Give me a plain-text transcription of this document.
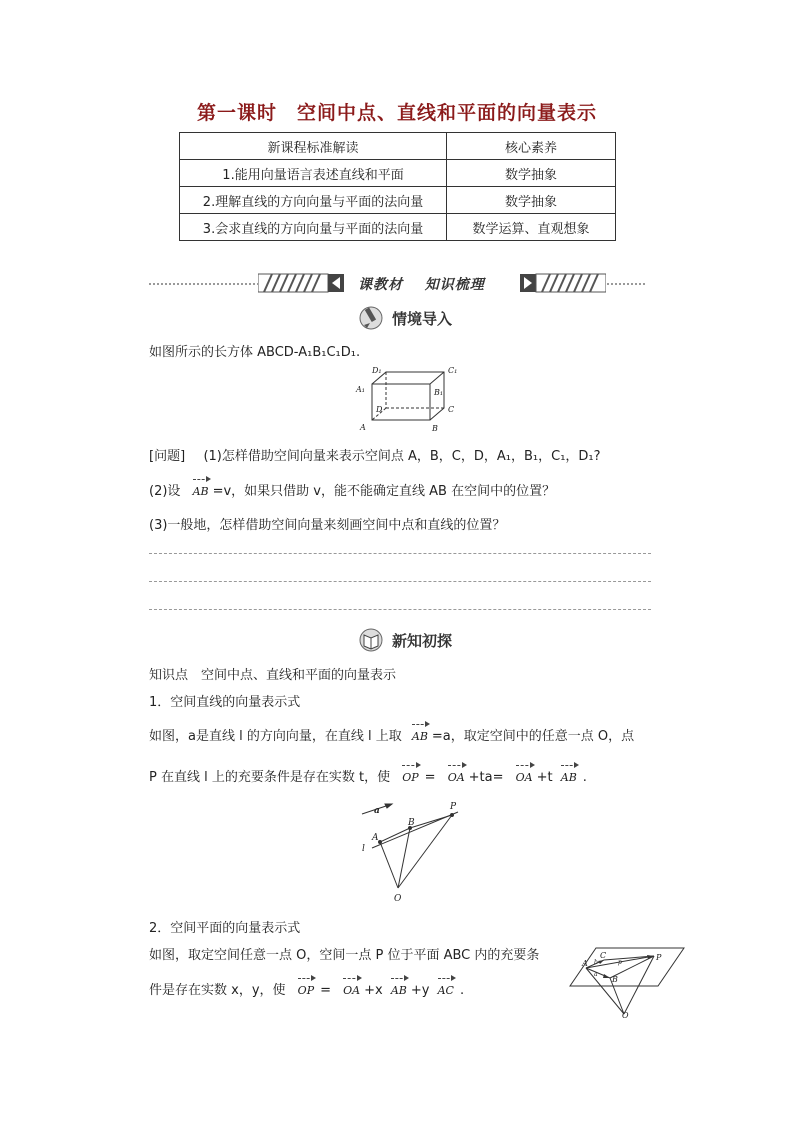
第一课时　空间中点、直线和平面的向量表示
新课程标准解读	核心素养
1.能用向量语言表述直线和平面	数学抽象
2.理解直线的方向向量与平面的法向量	数学抽象
3.会求直线的方向向量与平面的法向量	数学运算、直观想象
课教材 知识梳理
情境导入
如图所示的长方体 ABCD-A₁B₁C₁D₁.
D₁	C₁
A₁	B₁
D	C
A	B
[问题] (1)怎样借助空间向量来表示空间点 A，B，C，D，A₁，B₁，C₁，D₁?
(2)设 AB =v，如果只借助 v，能不能确定直线 AB 在空间中的位置？
(3)一般地，怎样借助空间向量来刻画空间中点和直线的位置？
新知初探
知识点　空间中点、直线和平面的向量表示
1．空间直线的向量表示式
如图，a是直线 l 的方向向量，在直线 l 上取 AB =a，取定空间中的任意一点 O，点
P 在直线 l 上的充要条件是存在实数 t，使 OP = OA +ta= OA +t AB .
a	P
B
A
l
O
2．空间平面的向量表示式
如图，取定空间任意一点 O，空间一点 P 位于平面 ABC 内的充要条
件是存在实数 x，y，使 OP = OA +x AB +y AC .
A
C	P
B
O
a
b	p
